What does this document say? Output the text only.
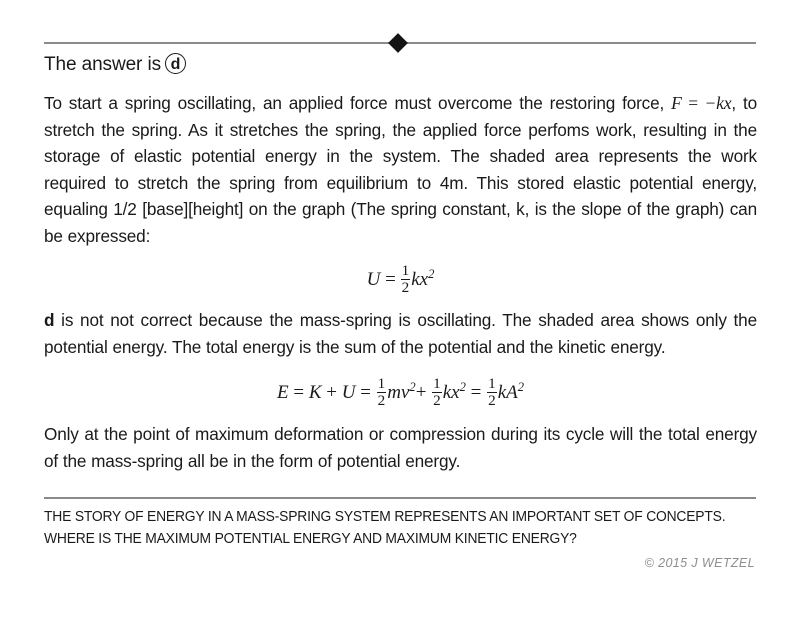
The answer is d

To start a spring oscillating, an applied force must overcome the restoring force, F = −kx, to stretch the spring. As it stretches the spring, the applied force perfoms work, resulting in the storage of elastic potential energy in the system. The shaded area represents the work required to stretch the spring from equilibrium to 4m. This stored elastic potential energy, equaling 1/2 [base][height] on the graph (The spring constant, k, is the slope of the graph) can be expressed:

$U = \frac{1}{2} kx^2$

d is not not correct because the mass-spring is oscillating. The shaded area shows only the potential energy. The total energy is the sum of the potential and the kinetic energy.

$E = K + U = \frac{1}{2} mv^2+ \frac{1}{2} kx^2 = \frac{1}{2} kA^2$

Only at the point of maximum deformation or compression during its cycle will the total energy of the mass-spring all be in the form of potential energy.

THE STORY OF ENERGY IN A MASS-SPRING SYSTEM REPRESENTS AN IMPORTANT SET OF CONCEPTS. WHERE IS THE MAXIMUM POTENTIAL ENERGY AND MAXIMUM KINETIC ENERGY?
© 2015 J WETZEL
